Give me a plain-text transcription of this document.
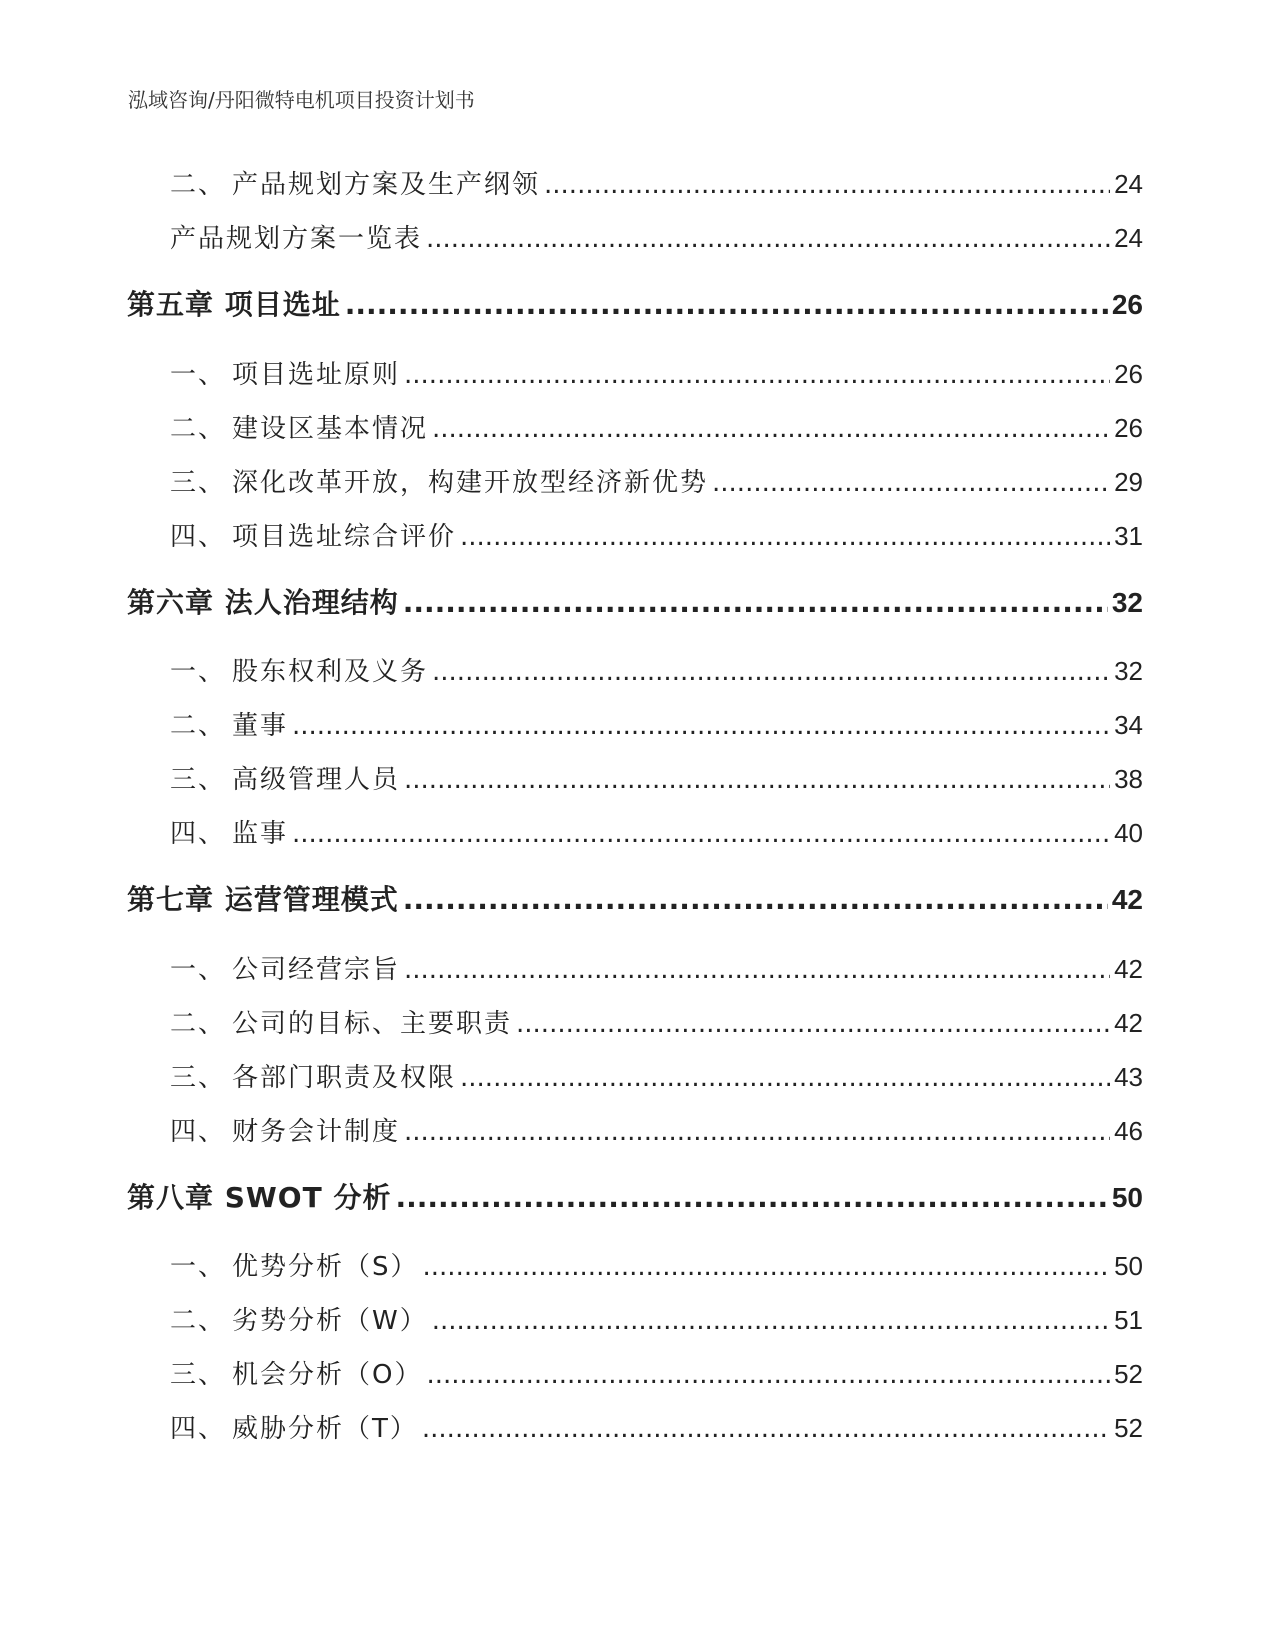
泓域咨询/丹阳微特电机项目投资计划书
二、 产品规划方案及生产纲领 .....	24
产品规划方案一览表 .....	24
第五章 项目选址 .....	26
一、 项目选址原则 .....	26
二、 建设区基本情况 .....	26
三、 深化改革开放，构建开放型经济新优势 .....	29
四、 项目选址综合评价 .....	31
第六章 法人治理结构 .....	32
一、 股东权利及义务 .....	32
二、 董事 .....	34
三、 高级管理人员 .....	38
四、 监事 .....	40
第七章 运营管理模式 .....	42
一、 公司经营宗旨 .....	42
二、 公司的目标、主要职责 .....	42
三、 各部门职责及权限 .....	43
四、 财务会计制度 .....	46
第八章 SWOT 分析 .....	50
一、 优势分析（S） .....	50
二、 劣势分析（W） .....	51
三、 机会分析（O） .....	52
四、 威胁分析（T） .....	52
